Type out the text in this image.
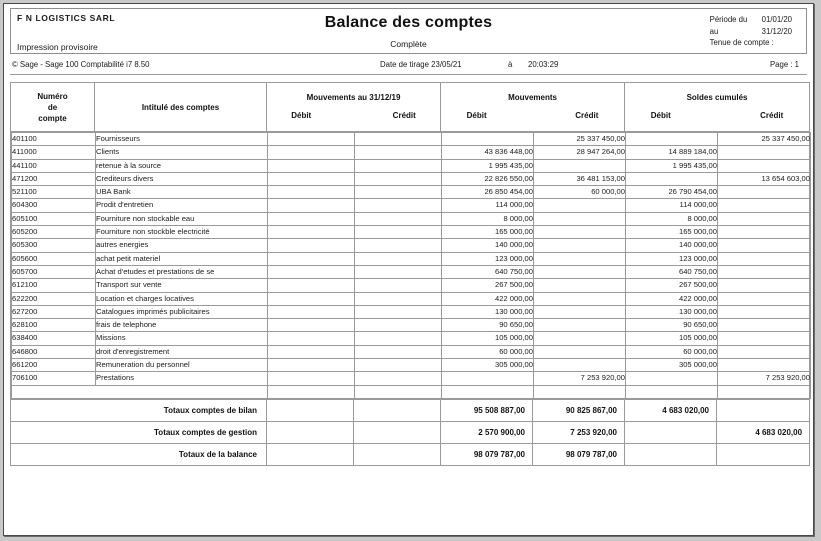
F N LOGISTICS SARL
Impression provisoire
Balance des comptes
Complète
Période du 01/01/20
au	31/12/20
Tenue de compte :
© Sage - Sage 100 Comptabilité i7 8.50	Date de tirage 23/05/21	à 20:03:29	Page : 1
Numéro
de
compte	Intitulé des comptes	
Mouvements au 31/12/19
Débit	Crédit

Mouvements
Débit	Crédit

Soldes cumulés
Débit	Crédit

401100	Fournisseurs				25 337 450,00		25 337 450,00
411000	Clients			43 836 448,00	28 947 264,00	14 889 184,00	
441100	retenue à la source			1 995 435,00		1 995 435,00	
471200	Crediteurs divers			22 826 550,00	36 481 153,00		13 654 603,00
521100	UBA Bank			26 850 454,00	60 000,00	26 790 454,00	
604300	Prodit d'entretien			114 000,00		114 000,00	
605100	Fourniture non stockable eau			8 000,00		8 000,00	
605200	Fourniture non stockble electricité			165 000,00		165 000,00	
605300	autres energies			140 000,00		140 000,00	
605600	achat petit materiel			123 000,00		123 000,00	
605700	Achat d'etudes et prestations de se			640 750,00		640 750,00	
612100	Transport sur vente			267 500,00		267 500,00	
622200	Location et charges locatives			422 000,00		422 000,00	
627200	Catalogues imprimés publicitaires			130 000,00		130 000,00	
628100	frais de telephone			90 650,00		90 650,00	
638400	Missions			105 000,00		105 000,00	
646800	droit d'enregistrement			60 000,00		60 000,00	
661200	Remuneration du personnel			305 000,00		305 000,00	
706100	Prestations				7 253 920,00		7 253 920,00

Totaux comptes de bilan			95 508 887,00	90 825 867,00	4 683 020,00	
Totaux comptes de gestion			2 570 900,00	7 253 920,00		4 683 020,00
Totaux de la balance			98 079 787,00	98 079 787,00		
